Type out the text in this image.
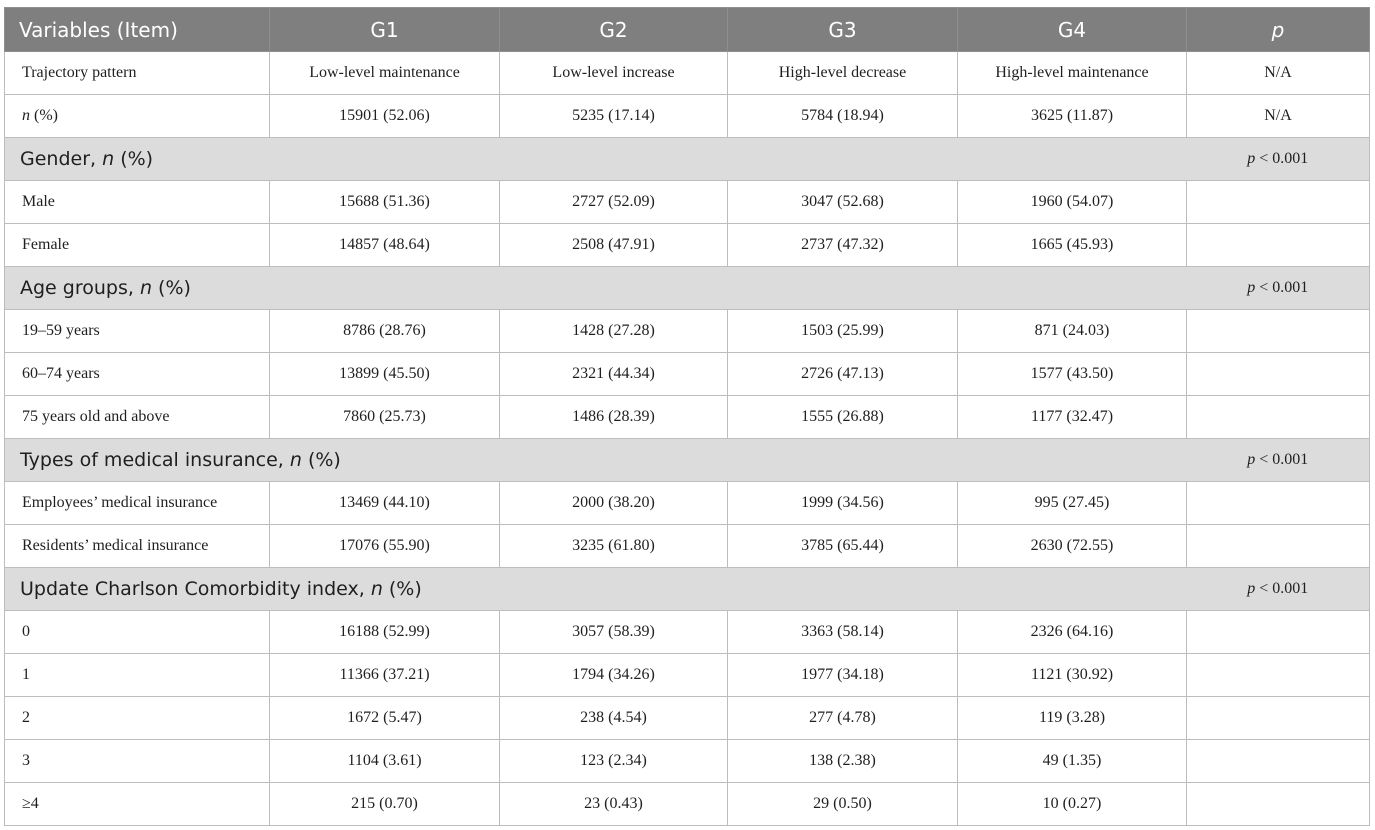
Variables (Item)	G1	G2	G3	G4	p
Trajectory pattern	Low-level maintenance	Low-level increase	High-level decrease	High-level maintenance	N/A
n (%)	15901 (52.06)	5235 (17.14)	5784 (18.94)	3625 (11.87)	N/A
Gender, n (%)					p < 0.001
Male	15688 (51.36)	2727 (52.09)	3047 (52.68)	1960 (54.07)	
Female	14857 (48.64)	2508 (47.91)	2737 (47.32)	1665 (45.93)	
Age groups, n (%)					p < 0.001
19–59 years	8786 (28.76)	1428 (27.28)	1503 (25.99)	871 (24.03)	
60–74 years	13899 (45.50)	2321 (44.34)	2726 (47.13)	1577 (43.50)	
75 years old and above	7860 (25.73)	1486 (28.39)	1555 (26.88)	1177 (32.47)	
Types of medical insurance, n (%)					p < 0.001
Employees’ medical insurance	13469 (44.10)	2000 (38.20)	1999 (34.56)	995 (27.45)	
Residents’ medical insurance	17076 (55.90)	3235 (61.80)	3785 (65.44)	2630 (72.55)	
Update Charlson Comorbidity index, n (%)					p < 0.001
0	16188 (52.99)	3057 (58.39)	3363 (58.14)	2326 (64.16)	
1	11366 (37.21)	1794 (34.26)	1977 (34.18)	1121 (30.92)	
2	1672 (5.47)	238 (4.54)	277 (4.78)	119 (3.28)	
3	1104 (3.61)	123 (2.34)	138 (2.38)	49 (1.35)	
≥4	215 (0.70)	23 (0.43)	29 (0.50)	10 (0.27)	
